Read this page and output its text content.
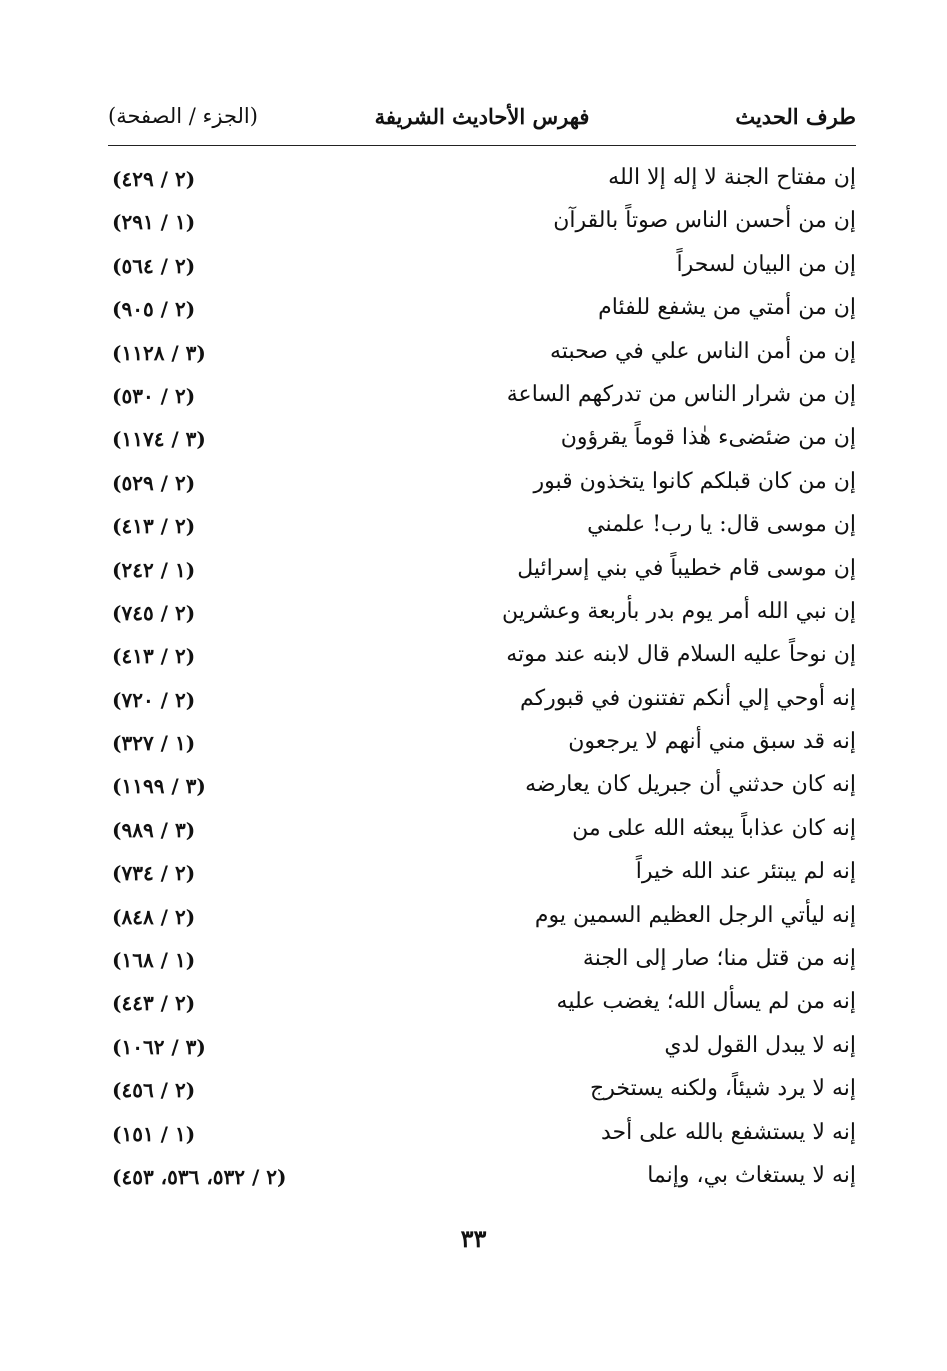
طرف الحديث
فهرس الأحاديث الشريفة
(الجزء / الصفحة)
إن مفتاح الجنة لا إله إلا الله
(٢ / ٤٢٩)
إن من أحسن الناس صوتاً بالقرآن
(١ / ٢٩١)
إن من البيان لسحراً
(٢ / ٥٦٤)
إن من أمتي من يشفع للفئام
(٢ / ٩٠٥)
إن من أمن الناس علي في صحبته
(٣ / ١١٢٨)
إن من شرار الناس من تدركهم الساعة
(٢ / ٥٣٠)
إن من ضئضىء هٰذا قوماً يقرؤون
(٣ / ١١٧٤)
إن من كان قبلكم كانوا يتخذون قبور
(٢ / ٥٢٩)
إن موسى قال: يا رب! علمني
(٢ / ٤١٣)
إن موسى قام خطيباً في بني إسرائيل
(١ / ٢٤٢)
إن نبي الله أمر يوم بدر بأربعة وعشرين
(٢ / ٧٤٥)
إن نوحاً عليه السلام قال لابنه عند موته
(٢ / ٤١٣)
إنه أوحي إلي أنكم تفتنون في قبوركم
(٢ / ٧٢٠)
إنه قد سبق مني أنهم لا يرجعون
(١ / ٣٢٧)
إنه كان حدثني أن جبريل كان يعارضه
(٣ / ١١٩٩)
إنه كان عذاباً يبعثه الله على من
(٣ / ٩٨٩)
إنه لم يبتئر عند الله خيراً
(٢ / ٧٣٤)
إنه ليأتي الرجل العظيم السمين يوم
(٢ / ٨٤٨)
إنه من قتل منا؛ صار إلى الجنة
(١ / ١٦٨)
إنه من لم يسأل الله؛ يغضب عليه
(٢ / ٤٤٣)
إنه لا يبدل القول لدي
(٣ / ١٠٦٢)
إنه لا يرد شيئاً، ولكنه يستخرج
(٢ / ٤٥٦)
إنه لا يستشفع بالله على أحد
(١ / ١٥١)
إنه لا يستغاث بي، وإنما
(٢ / ٥٣٢، ٥٣٦، ٤٥٣)
٣٣
